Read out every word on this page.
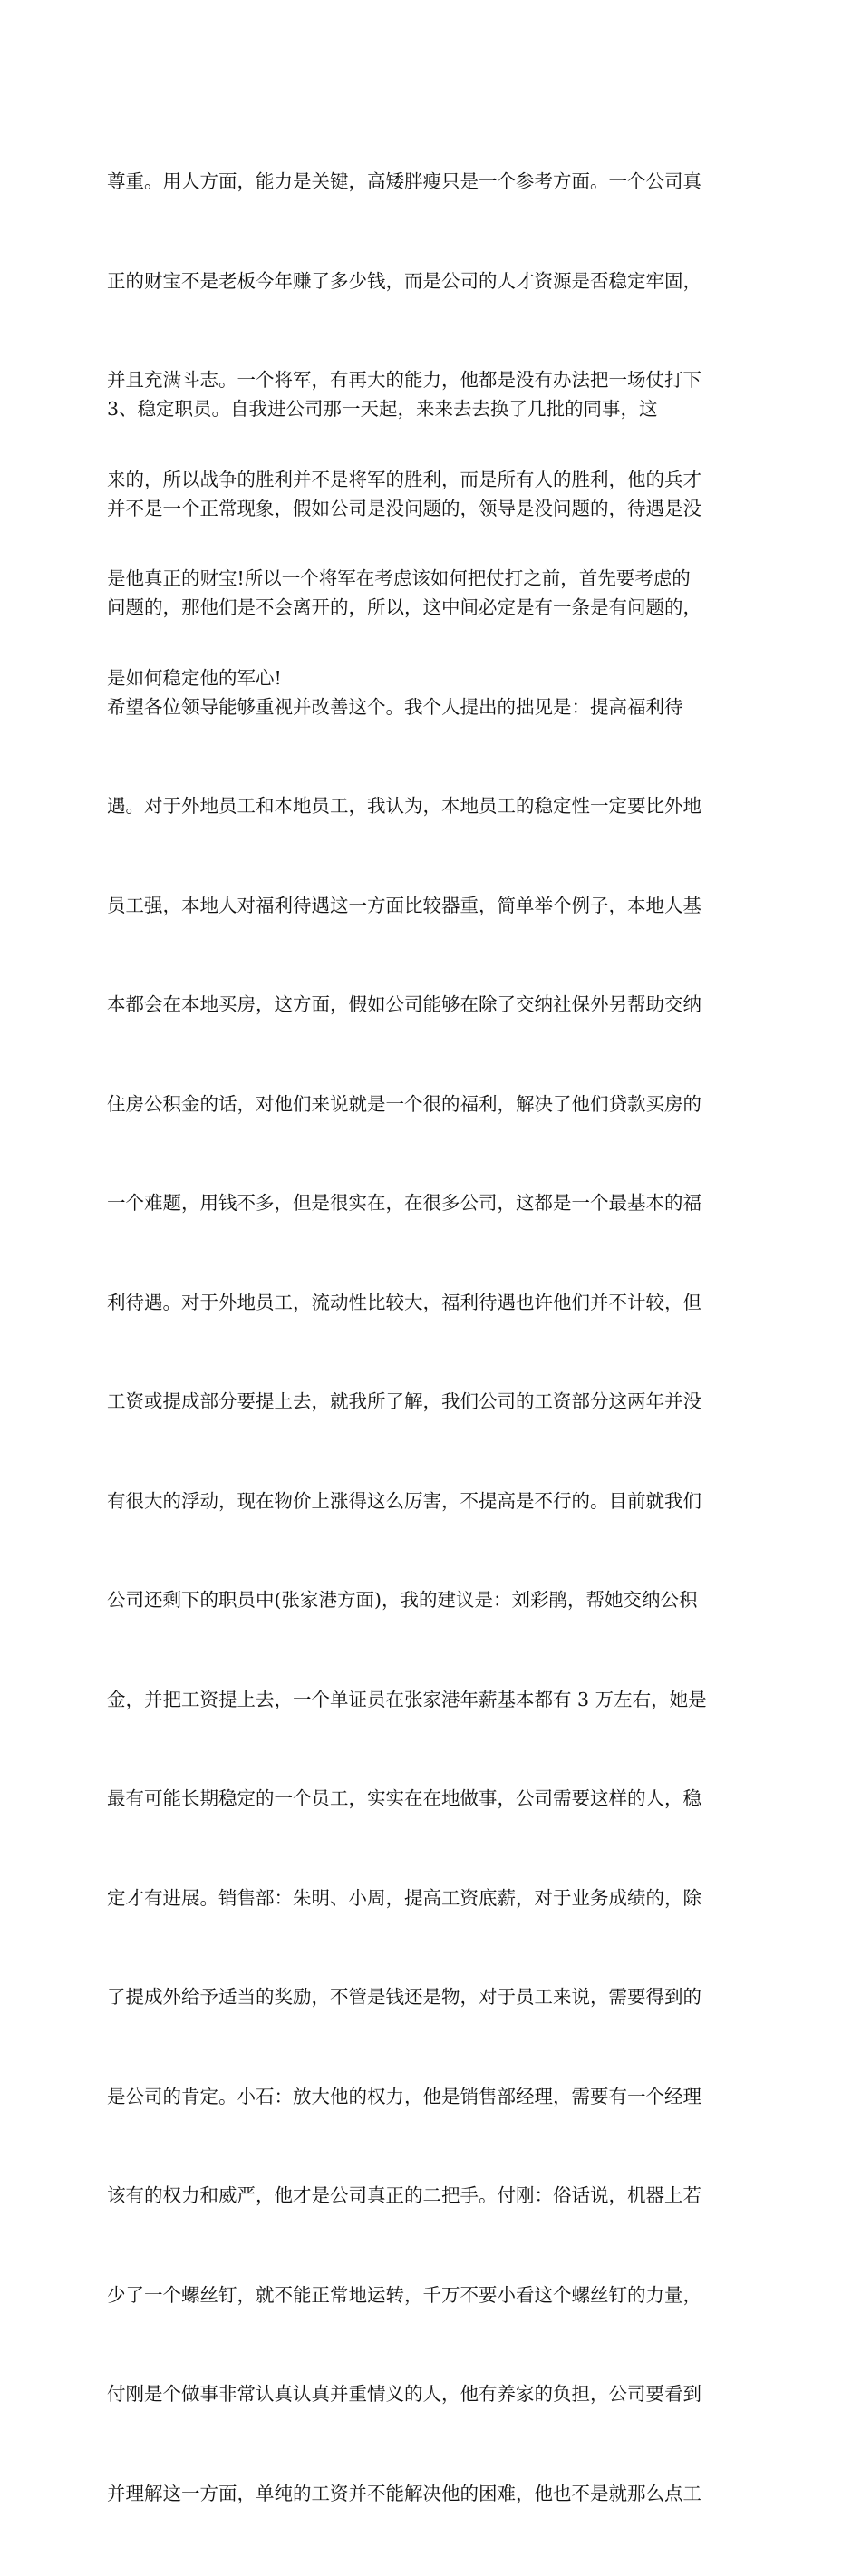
尊重。用人方面，能力是关键，高矮胖瘦只是一个参考方面。一个公司真

正的财宝不是老板今年赚了多少钱，而是公司的人才资源是否稳定牢固，

并且充满斗志。一个将军，有再大的能力，他都是没有办法把一场仗打下

来的，所以战争的胜利并不是将军的胜利，而是所有人的胜利，他的兵才

是他真正的财宝!所以一个将军在考虑该如何把仗打之前，首先要考虑的

是如何稳定他的军心!

3、稳定职员。自我进公司那一天起，来来去去换了几批的同事，这

并不是一个正常现象，假如公司是没问题的，领导是没问题的，待遇是没

问题的，那他们是不会离开的，所以，这中间必定是有一条是有问题的，

希望各位领导能够重视并改善这个。我个人提出的拙见是：提高福利待

遇。对于外地员工和本地员工，我认为，本地员工的稳定性一定要比外地

员工强，本地人对福利待遇这一方面比较器重，简单举个例子，本地人基

本都会在本地买房，这方面，假如公司能够在除了交纳社保外另帮助交纳

住房公积金的话，对他们来说就是一个很的福利，解决了他们贷款买房的

一个难题，用钱不多，但是很实在，在很多公司，这都是一个最基本的福

利待遇。对于外地员工，流动性比较大，福利待遇也许他们并不计较，但

工资或提成部分要提上去，就我所了解，我们公司的工资部分这两年并没

有很大的浮动，现在物价上涨得这么厉害，不提高是不行的。目前就我们

公司还剩下的职员中(张家港方面)，我的建议是：刘彩鹃，帮她交纳公积

金，并把工资提上去，一个单证员在张家港年薪基本都有 3 万左右，她是

最有可能长期稳定的一个员工，实实在在地做事，公司需要这样的人，稳

定才有进展。销售部：朱明、小周，提高工资底薪，对于业务成绩的，除

了提成外给予适当的奖励，不管是钱还是物，对于员工来说，需要得到的

是公司的肯定。小石：放大他的权力，他是销售部经理，需要有一个经理

该有的权力和威严，他才是公司真正的二把手。付刚：俗话说，机器上若

少了一个螺丝钉，就不能正常地运转，千万不要小看这个螺丝钉的力量，

付刚是个做事非常认真认真并重情义的人，他有养家的负担，公司要看到

并理解这一方面，单纯的工资并不能解决他的困难，他也不是就那么点工
